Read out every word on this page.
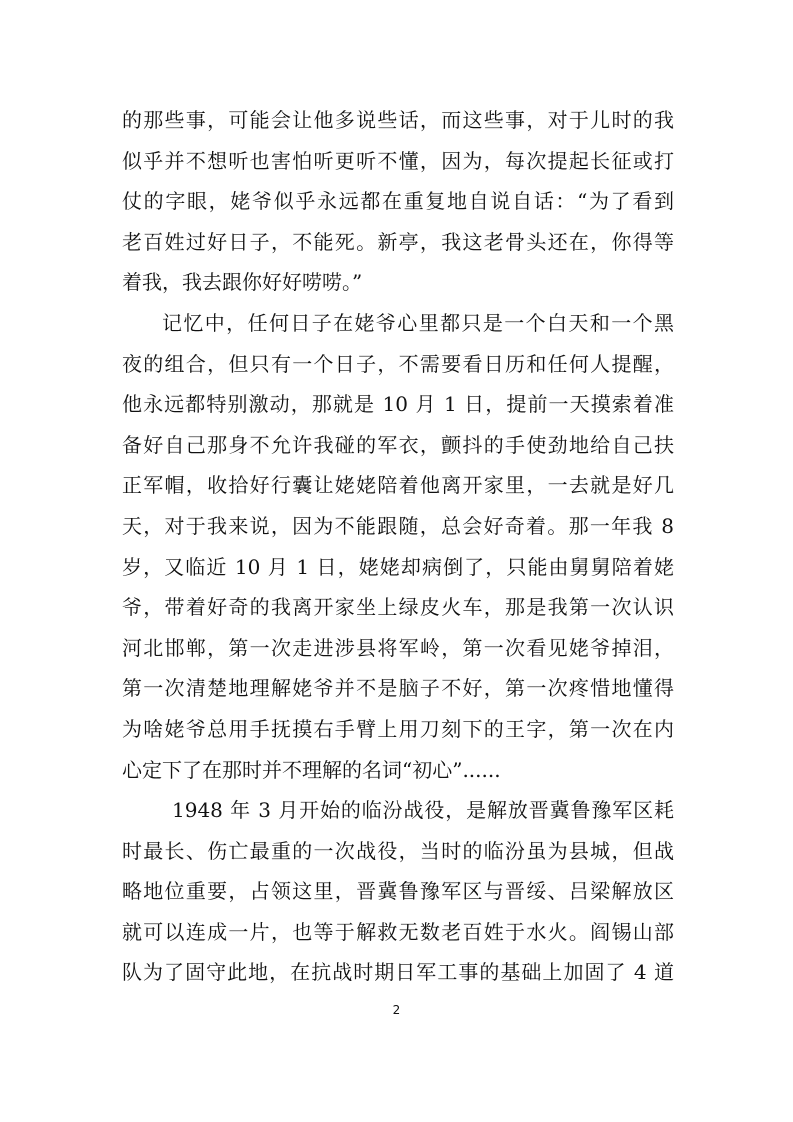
的那些事，可能会让他多说些话，而这些事，对于儿时的我
似乎并不想听也害怕听更听不懂，因为，每次提起长征或打
仗的字眼，姥爷似乎永远都在重复地自说自话：“为了看到
老百姓过好日子，不能死。新亭，我这老骨头还在，你得等
着我，我去跟你好好唠唠。”
记忆中，任何日子在姥爷心里都只是一个白天和一个黑
夜的组合，但只有一个日子，不需要看日历和任何人提醒，
他永远都特别激动，那就是 10 月 1 日，提前一天摸索着准
备好自己那身不允许我碰的军衣，颤抖的手使劲地给自己扶
正军帽，收拾好行囊让姥姥陪着他离开家里，一去就是好几
天，对于我来说，因为不能跟随，总会好奇着。那一年我 8
岁，又临近 10 月 1 日，姥姥却病倒了，只能由舅舅陪着姥
爷，带着好奇的我离开家坐上绿皮火车，那是我第一次认识
河北邯郸，第一次走进涉县将军岭，第一次看见姥爷掉泪，
第一次清楚地理解姥爷并不是脑子不好，第一次疼惜地懂得
为啥姥爷总用手抚摸右手臂上用刀刻下的王字，第一次在内
心定下了在那时并不理解的名词“初心”......
1948 年 3 月开始的临汾战役，是解放晋冀鲁豫军区耗
时最长、伤亡最重的一次战役，当时的临汾虽为县城，但战
略地位重要，占领这里，晋冀鲁豫军区与晋绥、吕梁解放区
就可以连成一片，也等于解救无数老百姓于水火。阎锡山部
队为了固守此地，在抗战时期日军工事的基础上加固了 4 道
2
